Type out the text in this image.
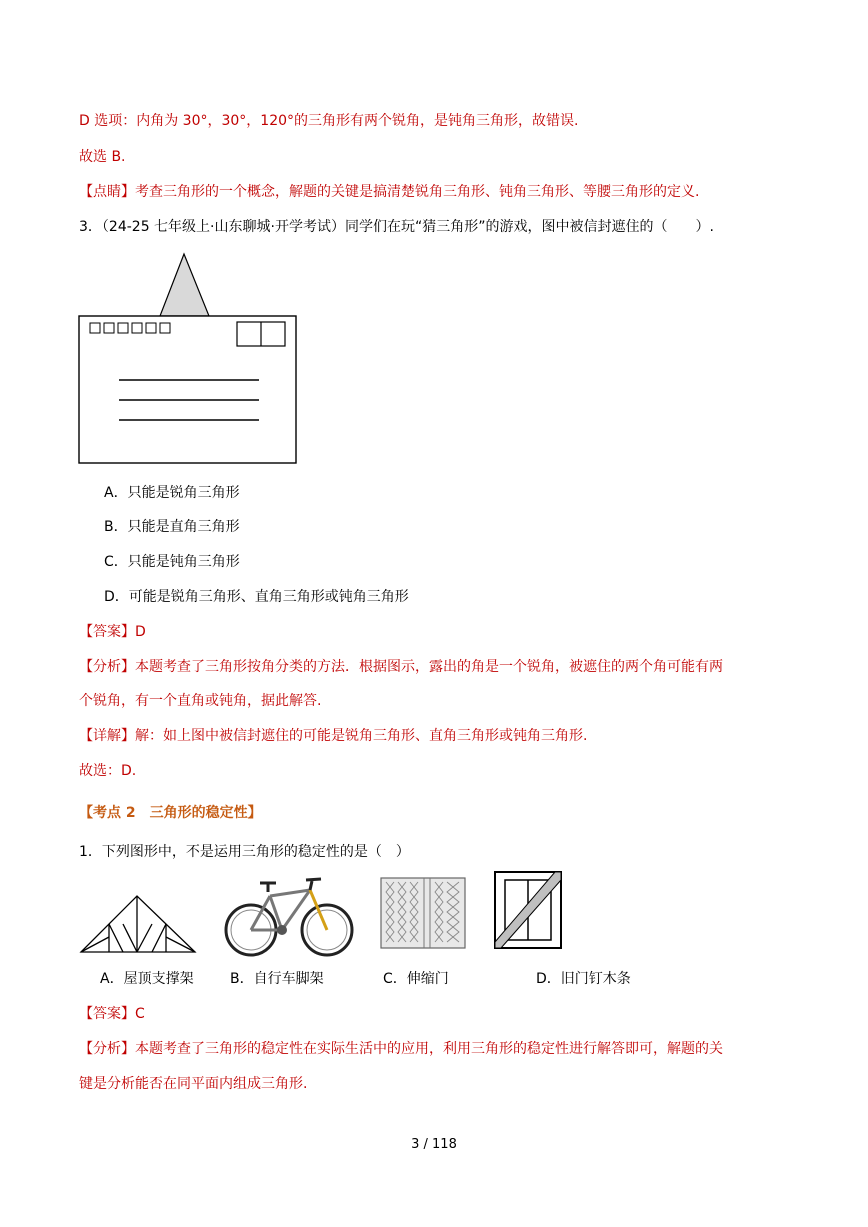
D 选项：内角为 30°，30°，120°的三角形有两个锐角，是钝角三角形，故错误.
故选 B.
【点睛】考查三角形的一个概念，解题的关键是搞清楚锐角三角形、钝角三角形、等腰三角形的定义.
3．（24-25 七年级上·山东聊城·开学考试）同学们在玩“猜三角形”的游戏，图中被信封遮住的（　　）.
A．只能是锐角三角形
B．只能是直角三角形
C．只能是钝角三角形
D．可能是锐角三角形、直角三角形或钝角三角形
【答案】D
【分析】本题考查了三角形按角分类的方法．根据图示，露出的角是一个锐角，被遮住的两个角可能有两
个锐角，有一个直角或钝角，据此解答.
【详解】解：如上图中被信封遮住的可能是锐角三角形、直角三角形或钝角三角形.
故选：D.
【考点 2　三角形的稳定性】
1．下列图形中，不是运用三角形的稳定性的是（　）
A．屋顶支撑架	B．自行车脚架	C．伸缩门	D．旧门钉木条
【答案】C
【分析】本题考查了三角形的稳定性在实际生活中的应用，利用三角形的稳定性进行解答即可，解题的关
键是分析能否在同平面内组成三角形.
3 / 118
